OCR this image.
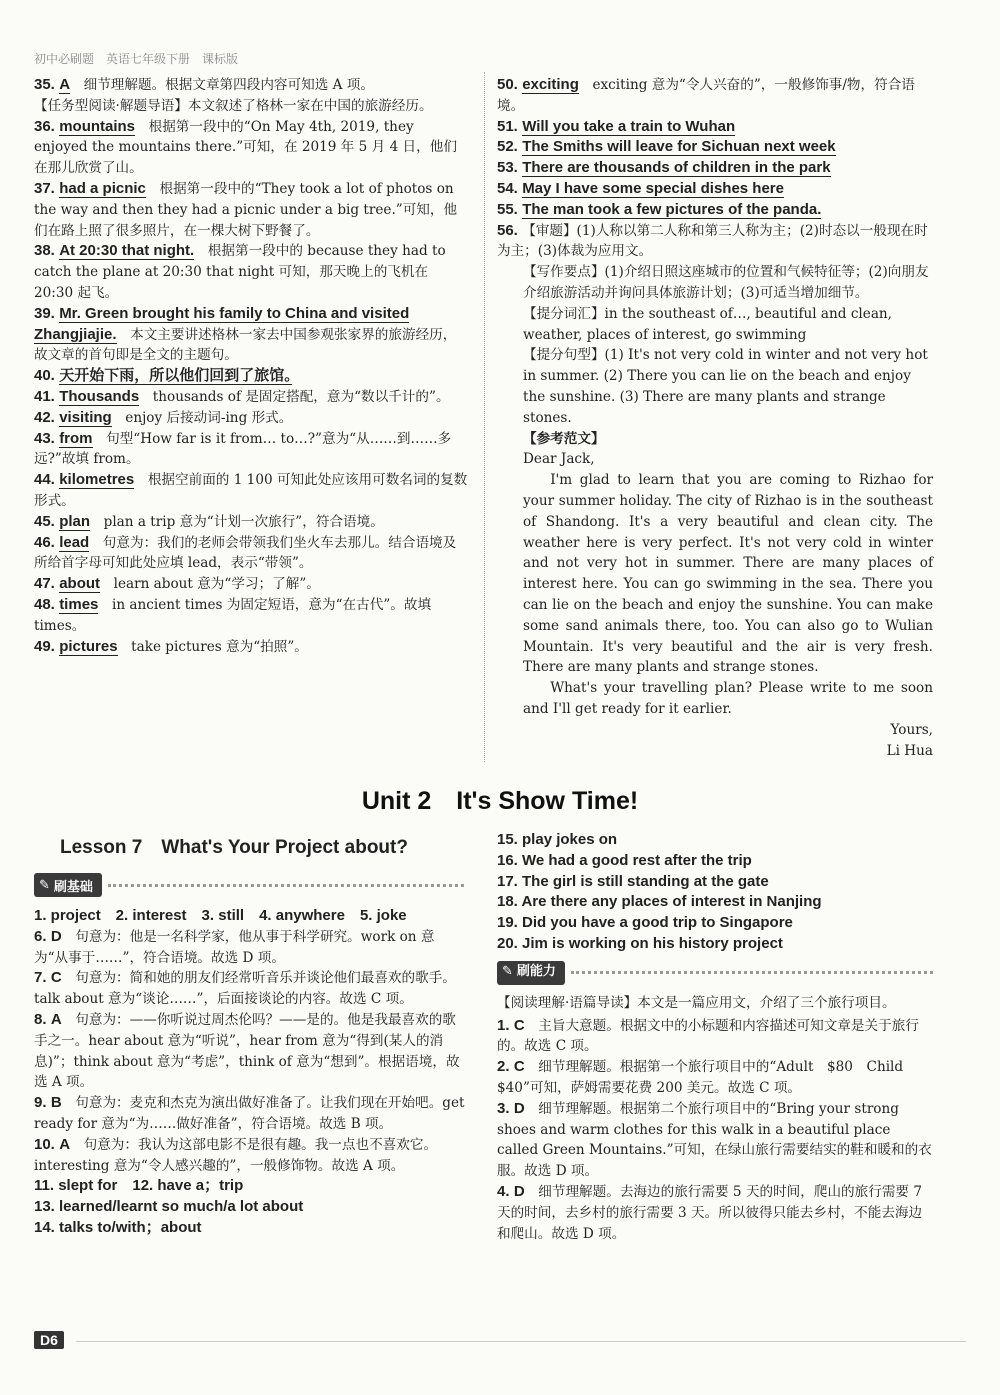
初中必刷题　英语七年级下册　课标版
35. A　 细节理解题。根据文章第四段内容可知选 A 项。
【任务型阅读·解题导语】本文叙述了格林一家在中国的旅游经历。
36. mountains　 根据第一段中的“On May 4th, 2019, they enjoyed the mountains there.”可知，在 2019 年 5 月 4 日，他们在那儿欣赏了山。
37. had a picnic　 根据第一段中的“They took a lot of photos on the way and then they had a picnic under a big tree.”可知，他们在路上照了很多照片，在一棵大树下野餐了。
38. At 20:30 that night.　 根据第一段中的 because they had to catch the plane at 20:30 that night 可知，那天晚上的飞机在 20:30 起飞。
39. Mr. Green brought his family to China and visited Zhangjiajie.　 本文主要讲述格林一家去中国参观张家界的旅游经历，故文章的首句即是全文的主题句。
40. 天开始下雨，所以他们回到了旅馆。　
41. Thousands　 thousands of 是固定搭配，意为“数以千计的”。
42. visiting　 enjoy 后接动词-ing 形式。
43. from　 句型“How far is it from… to…?”意为“从……到……多远?”故填 from。
44. kilometres　 根据空前面的 1 100 可知此处应该用可数名词的复数形式。
45. plan　 plan a trip 意为“计划一次旅行”，符合语境。
46. lead　 句意为：我们的老师会带领我们坐火车去那儿。结合语境及所给首字母可知此处应填 lead，表示“带领”。
47. about　 learn about 意为“学习；了解”。
48. times　 in ancient times 为固定短语，意为“在古代”。故填 times。
49. pictures　 take pictures 意为“拍照”。
50. exciting　 exciting 意为“令人兴奋的”，一般修饰事/物，符合语境。
51. Will you take a train to Wuhan　
52. The Smiths will leave for Sichuan next week　
53. There are thousands of children in the park　
54. May I have some special dishes here　
55. The man took a few pictures of the panda.　
56. 【审题】(1)人称以第二人称和第三人称为主；(2)时态以一般现在时为主；(3)体裁为应用文。
【写作要点】(1)介绍日照这座城市的位置和气候特征等；(2)向朋友介绍旅游活动并询问具体旅游计划；(3)可适当增加细节。
【提分词汇】in the southeast of…, beautiful and clean, weather, places of interest, go swimming
【提分句型】(1) It's not very cold in winter and not very hot in summer. (2) There you can lie on the beach and enjoy the sunshine. (3) There are many plants and strange stones.
【参考范文】

Dear Jack,

I'm glad to learn that you are coming to Rizhao for your summer holiday. The city of Rizhao is in the southeast of Shandong. It's a very beautiful and clean city. The weather here is very perfect. It's not very cold in winter and not very hot in summer. There are many places of interest here. You can go swimming in the sea. There you can lie on the beach and enjoy the sunshine. You can make some sand animals there, too. You can also go to Wulian Mountain. It's very beautiful and the air is very fresh. There are many plants and strange stones.

What's your travelling plan? Please write to me soon and I'll get ready for it earlier.

Yours,

Li Hua

Unit 2　It's Show Time!
Lesson 7　What's Your Project about?
✎ 刷基础
1. project　2. interest　3. still　4. anywhere　5. joke
6. D　 句意为：他是一名科学家，他从事于科学研究。work on 意为“从事于……”，符合语境。故选 D 项。
7. C　 句意为：简和她的朋友们经常听音乐并谈论他们最喜欢的歌手。talk about 意为“谈论……”，后面接谈论的内容。故选 C 项。
8. A　 句意为：——你听说过周杰伦吗？——是的。他是我最喜欢的歌手之一。hear about 意为“听说”，hear from 意为“得到(某人的消息)”；think about 意为“考虑”，think of 意为“想到”。根据语境，故选 A 项。
9. B　 句意为：麦克和杰克为演出做好准备了。让我们现在开始吧。get ready for 意为“为……做好准备”，符合语境。故选 B 项。
10. A　 句意为：我认为这部电影不是很有趣。我一点也不喜欢它。interesting 意为“令人感兴趣的”，一般修饰物。故选 A 项。
11. slept for　12. have a；trip
13. learned/learnt so much/a lot about
14. talks to/with；about
15. play jokes on
16. We had a good rest after the trip
17. The girl is still standing at the gate
18. Are there any places of interest in Nanjing
19. Did you have a good trip to Singapore
20. Jim is working on his history project
✎ 刷能力
【阅读理解·语篇导读】本文是一篇应用文，介绍了三个旅行项目。
1. C　 主旨大意题。根据文中的小标题和内容描述可知文章是关于旅行的。故选 C 项。
2. C　 细节理解题。根据第一个旅行项目中的“Adult　$80　Child　$40”可知，萨姆需要花费 200 美元。故选 C 项。
3. D　 细节理解题。根据第二个旅行项目中的“Bring your strong shoes and warm clothes for this walk in a beautiful place called Green Mountains.”可知，在绿山旅行需要结实的鞋和暖和的衣服。故选 D 项。
4. D　 细节理解题。去海边的旅行需要 5 天的时间，爬山的旅行需要 7 天的时间，去乡村的旅行需要 3 天。所以彼得只能去乡村，不能去海边和爬山。故选 D 项。
D6
